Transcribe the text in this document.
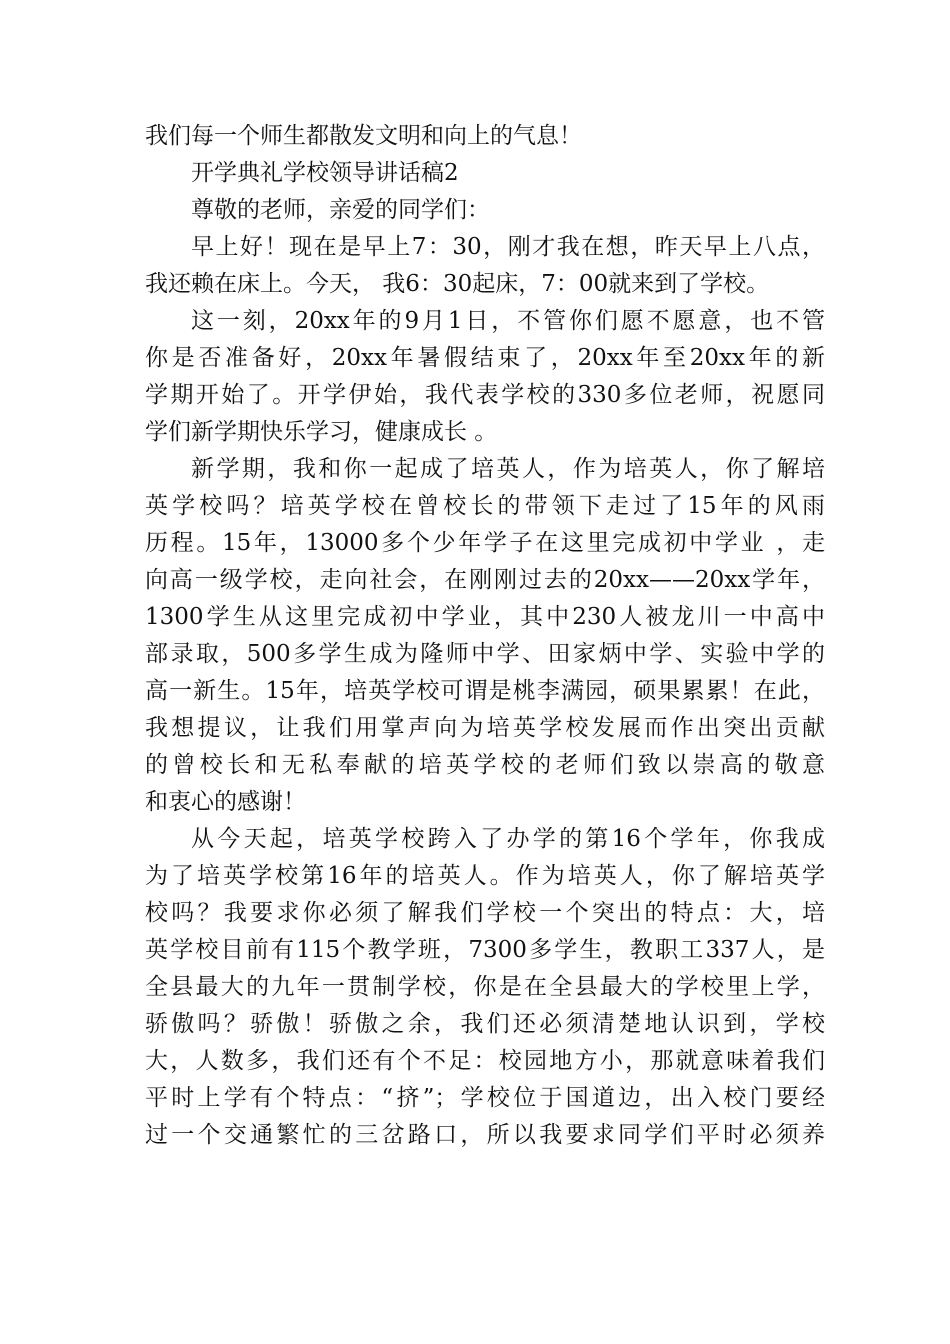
我们每一个师生都散发文明和向上的气息！
开学典礼学校领导讲话稿2
尊敬的老师，亲爱的同学们：
早上好！现在是早上7：30，刚才我在想，昨天早上八点，
我还赖在床上。今天， 我6：30起床，7：00就来到了学校。
这一刻，20xx年的9月1日，不管你们愿不愿意，也不管
你是否准备好，20xx年暑假结束了，20xx年至20xx年的新
学期开始了。开学伊始，我代表学校的330多位老师，祝愿同
学们新学期快乐学习，健康成长 。
新学期，我和你一起成了培英人，作为培英人，你了解培
英学校吗？培英学校在曾校长的带领下走过了15年的风雨
历程。15年，13000多个少年学子在这里完成初中学业 ，走
向高一级学校，走向社会，在刚刚过去的20xx——20xx学年，
1300学生从这里完成初中学业，其中230人被龙川一中高中
部录取，500多学生成为隆师中学、田家炳中学、实验中学的
高一新生。15年，培英学校可谓是桃李满园，硕果累累！在此，
我想提议，让我们用掌声向为培英学校发展而作出突出贡献
的曾校长和无私奉献的培英学校的老师们致以崇高的敬意
和衷心的感谢！
从今天起，培英学校跨入了办学的第16个学年，你我成
为了培英学校第16年的培英人。作为培英人，你了解培英学
校吗？我要求你必须了解我们学校一个突出的特点：大，培
英学校目前有115个教学班，7300多学生，教职工337人，是
全县最大的九年一贯制学校，你是在全县最大的学校里上学，
骄傲吗？骄傲！骄傲之余，我们还必须清楚地认识到，学校
大，人数多，我们还有个不足：校园地方小，那就意味着我们
平时上学有个特点：“挤”；学校位于国道边，出入校门要经
过一个交通繁忙的三岔路口，所以我要求同学们平时必须养
